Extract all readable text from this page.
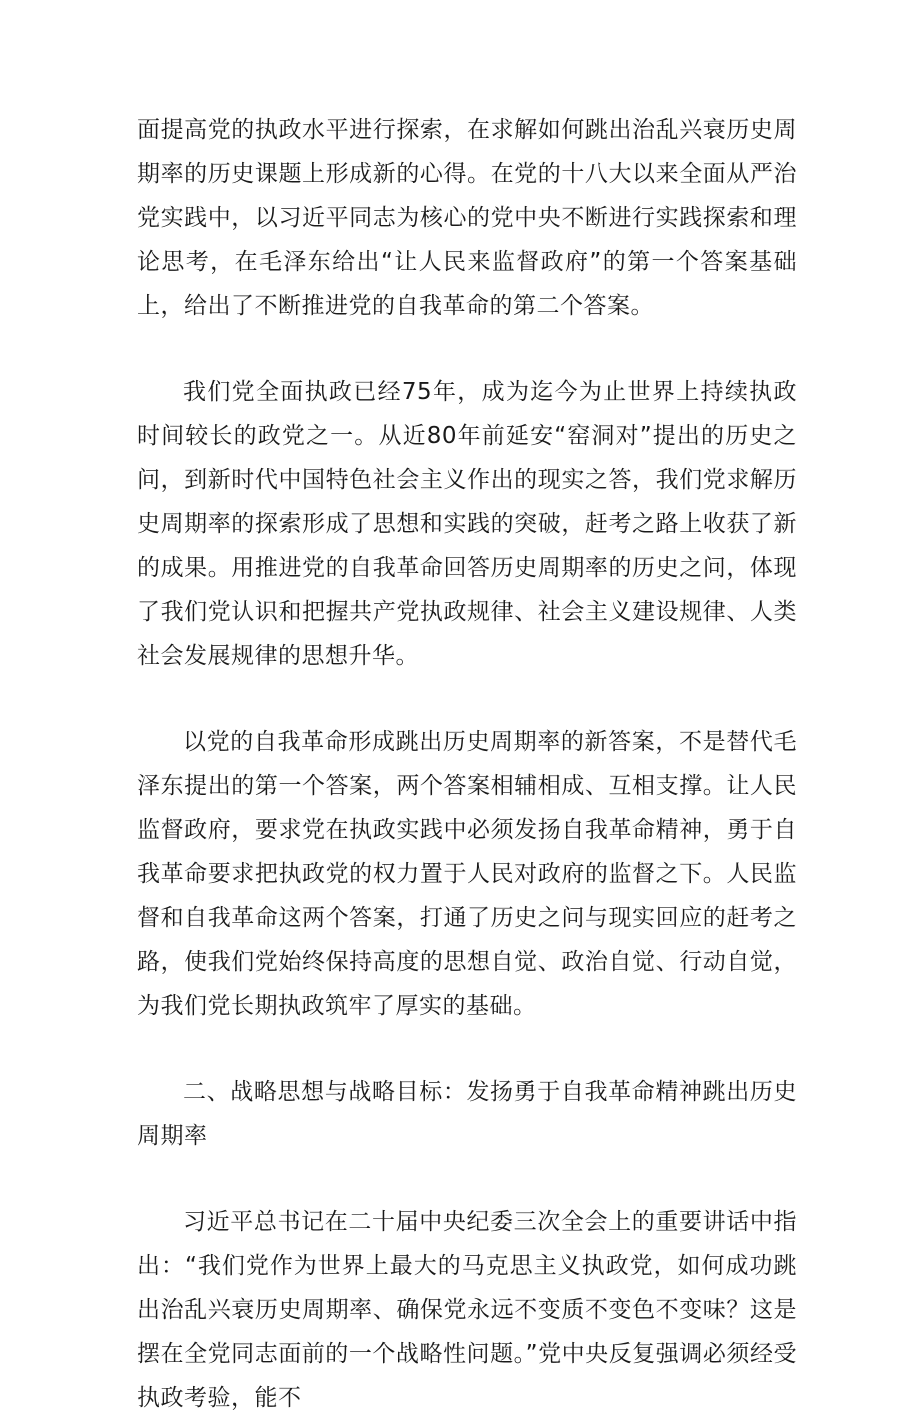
面提高党的执政水平进行探索，在求解如何跳出治乱兴衰历史周期率的历史课题上形成新的心得。在党的十八大以来全面从严治党实践中，以习近平同志为核心的党中央不断进行实践探索和理论思考，在毛泽东给出“让人民来监督政府”的第一个答案基础上，给出了不断推进党的自我革命的第二个答案。

我们党全面执政已经75年，成为迄今为止世界上持续执政时间较长的政党之一。从近80年前延安“窑洞对”提出的历史之问，到新时代中国特色社会主义作出的现实之答，我们党求解历史周期率的探索形成了思想和实践的突破，赶考之路上收获了新的成果。用推进党的自我革命回答历史周期率的历史之问，体现了我们党认识和把握共产党执政规律、社会主义建设规律、人类社会发展规律的思想升华。

以党的自我革命形成跳出历史周期率的新答案，不是替代毛泽东提出的第一个答案，两个答案相辅相成、互相支撑。让人民监督政府，要求党在执政实践中必须发扬自我革命精神，勇于自我革命要求把执政党的权力置于人民对政府的监督之下。人民监督和自我革命这两个答案，打通了历史之问与现实回应的赶考之路，使我们党始终保持高度的思想自觉、政治自觉、行动自觉，为我们党长期执政筑牢了厚实的基础。

二、战略思想与战略目标：发扬勇于自我革命精神跳出历史周期率

习近平总书记在二十届中央纪委三次全会上的重要讲话中指出：“我们党作为世界上最大的马克思主义执政党，如何成功跳出治乱兴衰历史周期率、确保党永远不变质不变色不变味？这是摆在全党同志面前的一个战略性问题。”党中央反复强调必须经受执政考验，能不
